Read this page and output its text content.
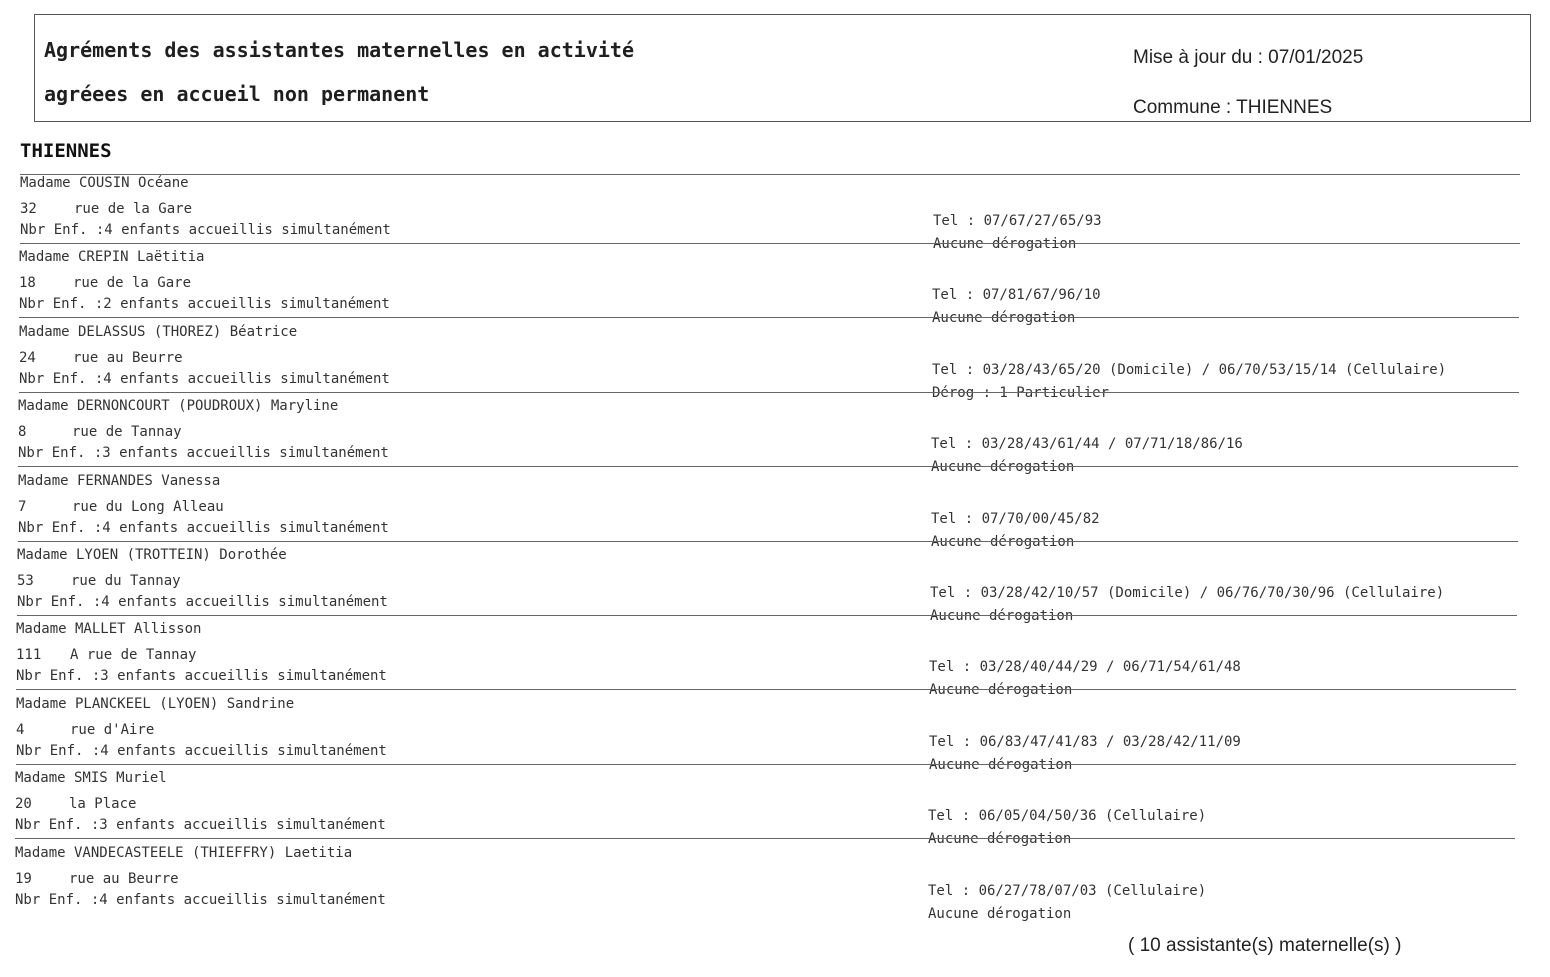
Agréments des assistantes maternelles en activité
agréees en accueil non permanent
Mise à jour du : 07/01/2025
Commune : THIENNES
THIENNES
Madame COUSIN Océane
32	rue de la Gare
Nbr Enf. :4 enfants accueillis simultanément
Tel : 07/67/27/65/93
Aucune dérogation
Madame CREPIN Laëtitia
18	rue de la Gare
Nbr Enf. :2 enfants accueillis simultanément
Tel : 07/81/67/96/10
Aucune dérogation
Madame DELASSUS (THOREZ) Béatrice
24	rue au Beurre
Nbr Enf. :4 enfants accueillis simultanément
Tel : 03/28/43/65/20 (Domicile) / 06/70/53/15/14 (Cellulaire)
Dérog : 1 Particulier
Madame DERNONCOURT (POUDROUX) Maryline
8	rue de Tannay
Nbr Enf. :3 enfants accueillis simultanément
Tel : 03/28/43/61/44 / 07/71/18/86/16
Aucune dérogation
Madame FERNANDES Vanessa
7	rue du Long Alleau
Nbr Enf. :4 enfants accueillis simultanément
Tel : 07/70/00/45/82
Aucune dérogation
Madame LYOEN (TROTTEIN) Dorothée
53	rue du Tannay
Nbr Enf. :4 enfants accueillis simultanément
Tel : 03/28/42/10/57 (Domicile) / 06/76/70/30/96 (Cellulaire)
Aucune dérogation
Madame MALLET Allisson
111 A rue de Tannay
Nbr Enf. :3 enfants accueillis simultanément
Tel : 03/28/40/44/29 / 06/71/54/61/48
Aucune dérogation
Madame PLANCKEEL (LYOEN) Sandrine
4	rue d'Aire
Nbr Enf. :4 enfants accueillis simultanément
Tel : 06/83/47/41/83 / 03/28/42/11/09
Aucune dérogation
Madame SMIS Muriel
20	la Place
Nbr Enf. :3 enfants accueillis simultanément
Tel : 06/05/04/50/36 (Cellulaire)
Aucune dérogation
Madame VANDECASTEELE (THIEFFRY) Laetitia
19	rue au Beurre
Nbr Enf. :4 enfants accueillis simultanément
Tel : 06/27/78/07/03 (Cellulaire)
Aucune dérogation
( 10 assistante(s) maternelle(s) )
